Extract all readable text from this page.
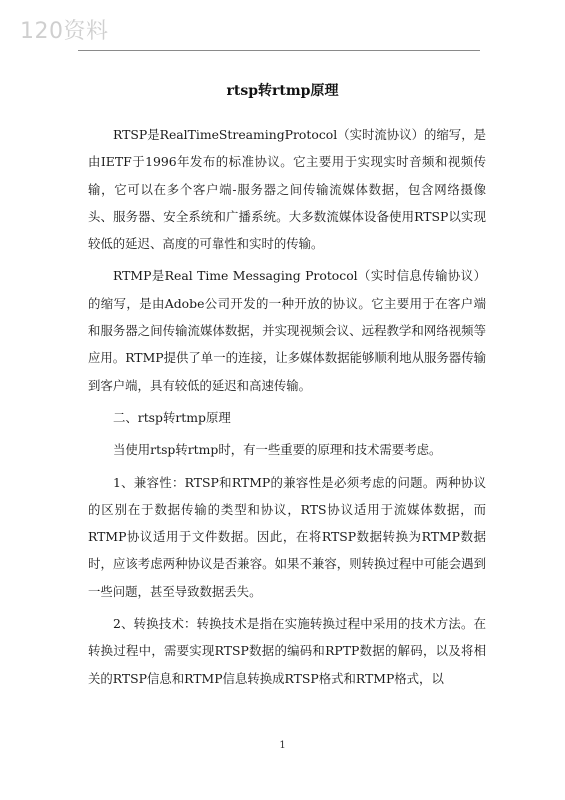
120资料
rtsp转rtmp原理

RTSP是RealTimeStreamingProtocol（实时流协议）的缩写，是由IETF于1996年发布的标准协议。它主要用于实现实时音频和视频传输，它可以在多个客户端-服务器之间传输流媒体数据，包含网络摄像头、服务器、安全系统和广播系统。大多数流媒体设备使用RTSP以实现较低的延迟、高度的可靠性和实时的传输。

RTMP是Real Time Messaging Protocol（实时信息传输协议）的缩写，是由Adobe公司开发的一种开放的协议。它主要用于在客户端和服务器之间传输流媒体数据，并实现视频会议、远程教学和网络视频等应用。RTMP提供了单一的连接，让多媒体数据能够顺利地从服务器传输到客户端，具有较低的延迟和高速传输。

二、rtsp转rtmp原理

当使用rtsp转rtmp时，有一些重要的原理和技术需要考虑。

1、兼容性：RTSP和RTMP的兼容性是必须考虑的问题。两种协议的区别在于数据传输的类型和协议，RTS协议适用于流媒体数据，而RTMP协议适用于文件数据。因此，在将RTSP数据转换为RTMP数据时，应该考虑两种协议是否兼容。如果不兼容，则转换过程中可能会遇到一些问题，甚至导致数据丢失。

2、转换技术：转换技术是指在实施转换过程中采用的技术方法。在转换过程中，需要实现RTSP数据的编码和RPTP数据的解码，以及将相关的RTSP信息和RTMP信息转换成RTSP格式和RTMP格式，以

1
